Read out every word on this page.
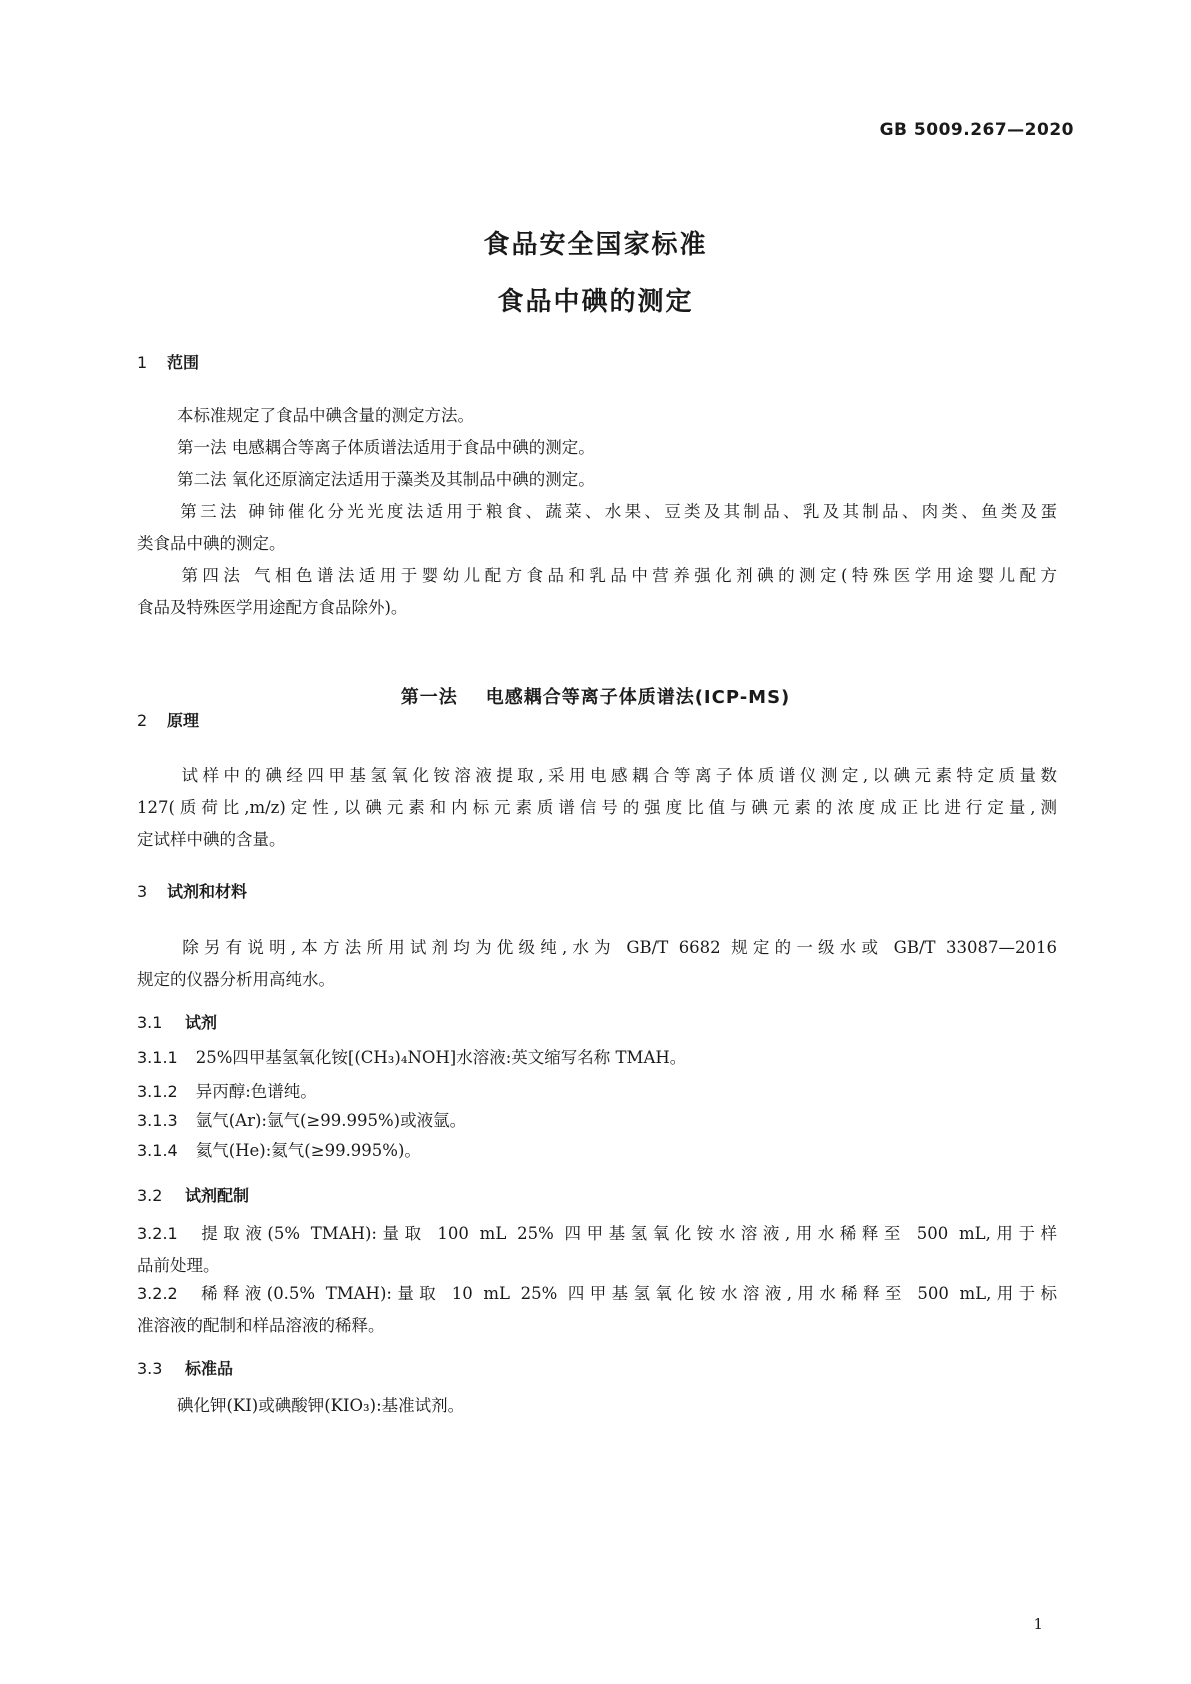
GB 5009.267—2020
食品安全国家标准
食品中碘的测定
1 范围
本标准规定了食品中碘含量的测定方法。
第一法 电感耦合等离子体质谱法适用于食品中碘的测定。
第二法 氧化还原滴定法适用于藻类及其制品中碘的测定。
第三法 砷铈催化分光光度法适用于粮食、蔬菜、水果、豆类及其制品、乳及其制品、肉类、鱼类及蛋
类食品中碘的测定。
第四法 气相色谱法适用于婴幼儿配方食品和乳品中营养强化剂碘的测定(特殊医学用途婴儿配方
食品及特殊医学用途配方食品除外)。
第一法 电感耦合等离子体质谱法(ICP-MS)
2 原理
试样中的碘经四甲基氢氧化铵溶液提取,采用电感耦合等离子体质谱仪测定,以碘元素特定质量数
127(质荷比,m/z)定性,以碘元素和内标元素质谱信号的强度比值与碘元素的浓度成正比进行定量,测
定试样中碘的含量。
3 试剂和材料
除另有说明,本方法所用试剂均为优级纯,水为 GB/T 6682 规定的一级水或 GB/T 33087—2016
规定的仪器分析用高纯水。
3.1 试剂
3.1.1 25%四甲基氢氧化铵[(CH₃)₄NOH]水溶液:英文缩写名称 TMAH。
3.1.2 异丙醇:色谱纯。
3.1.3 氩气(Ar):氩气(≥99.995%)或液氩。
3.1.4 氦气(He):氦气(≥99.995%)。
3.2 试剂配制
3.2.1 提取液(5% TMAH):量取 100 mL 25% 四甲基氢氧化铵水溶液,用水稀释至 500 mL,用于样
品前处理。
3.2.2 稀释液(0.5% TMAH):量取 10 mL 25% 四甲基氢氧化铵水溶液,用水稀释至 500 mL,用于标
准溶液的配制和样品溶液的稀释。
3.3 标准品
碘化钾(KI)或碘酸钾(KIO₃):基准试剂。
1
